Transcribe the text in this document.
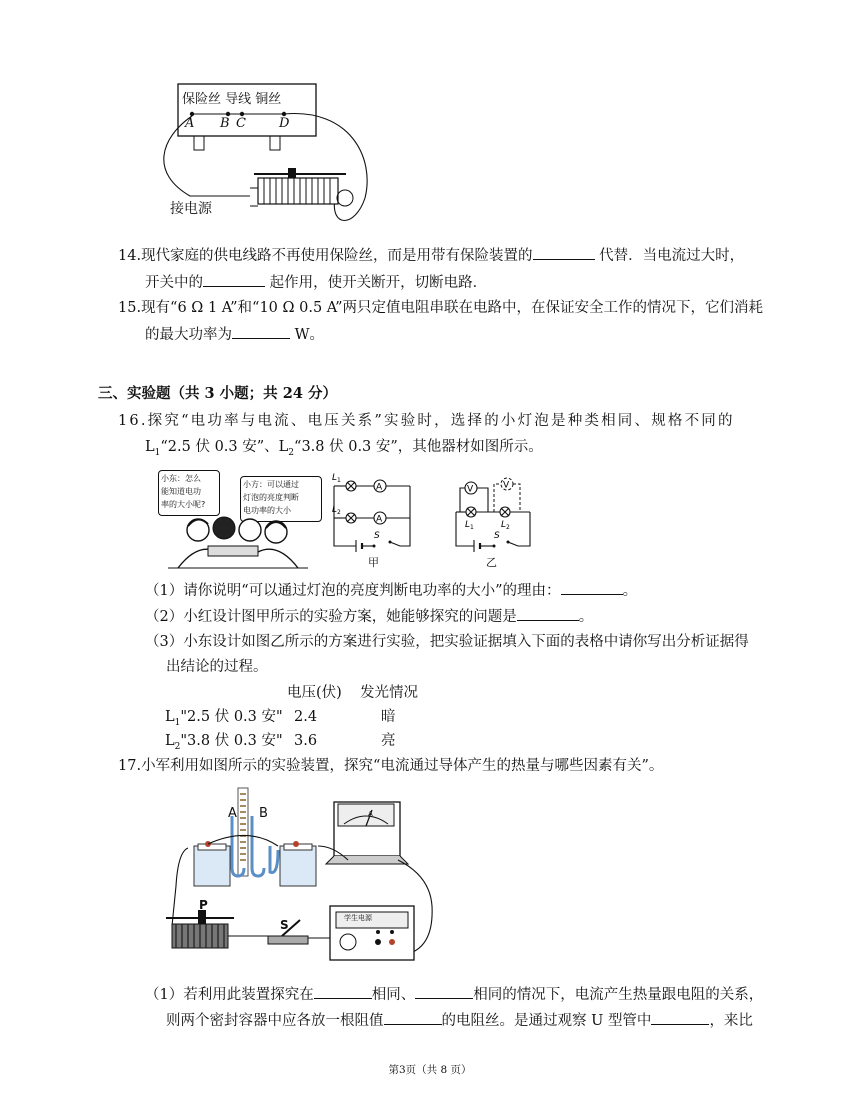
保险丝 导线 铜丝
A B C	D
接电源
14.现代家庭的供电线路不再使用保险丝，而是用带有保险装置的	代替．当电流过大时，
开关中的	起作用，使开关断开，切断电路．
15.现有“6 Ω 1 A”和“10 Ω 0.5 A”两只定值电阻串联在电路中，在保证安全工作的情况下，它们消耗
的最大功率为	W。
三、实验题（共 3 小题；共 24 分）
16.探究“电功率与电流、电压关系”实验时，选择的小灯泡是种类相同、规格不同的
$L_1“2.5$ 伏 0.3 安”、$L_2“3.8$ 伏 0.3 安”，其他器材如图所示。
小东：怎么
能知道电功
率的大小呢?
小方：可以通过
灯泡的亮度判断
电功率的大小
A
A
L 1
L 2
S
甲
V	V
L 1	L 2
S
乙
（1）请你说明“可以通过灯泡的亮度判断电功率的大小”的理由：	。
（2）小红设计图甲所示的实验方案，她能够探究的问题是	。
（3）小东设计如图乙所示的方案进行实验，把实验证据填入下面的表格中请你写出分析证据得
出结论的过程。
电压(伏) 发光情况
$L_1"2.5$ 伏 0.3 安" 2.4	暗
$L_2"3.8$ 伏 0.3 安" 3.6	亮
17.小军利用如图所示的实验装置，探究“电流通过导体产生的热量与哪些因素有关”。
A B
P
S
A
学生电源
（1）若利用此装置探究在	相同、	相同的情况下，电流产生热量跟电阻的关系，
则两个密封容器中应各放一根阻值	的电阻丝。是通过观察 U 型管中	，来比
第3页（共 8 页）
